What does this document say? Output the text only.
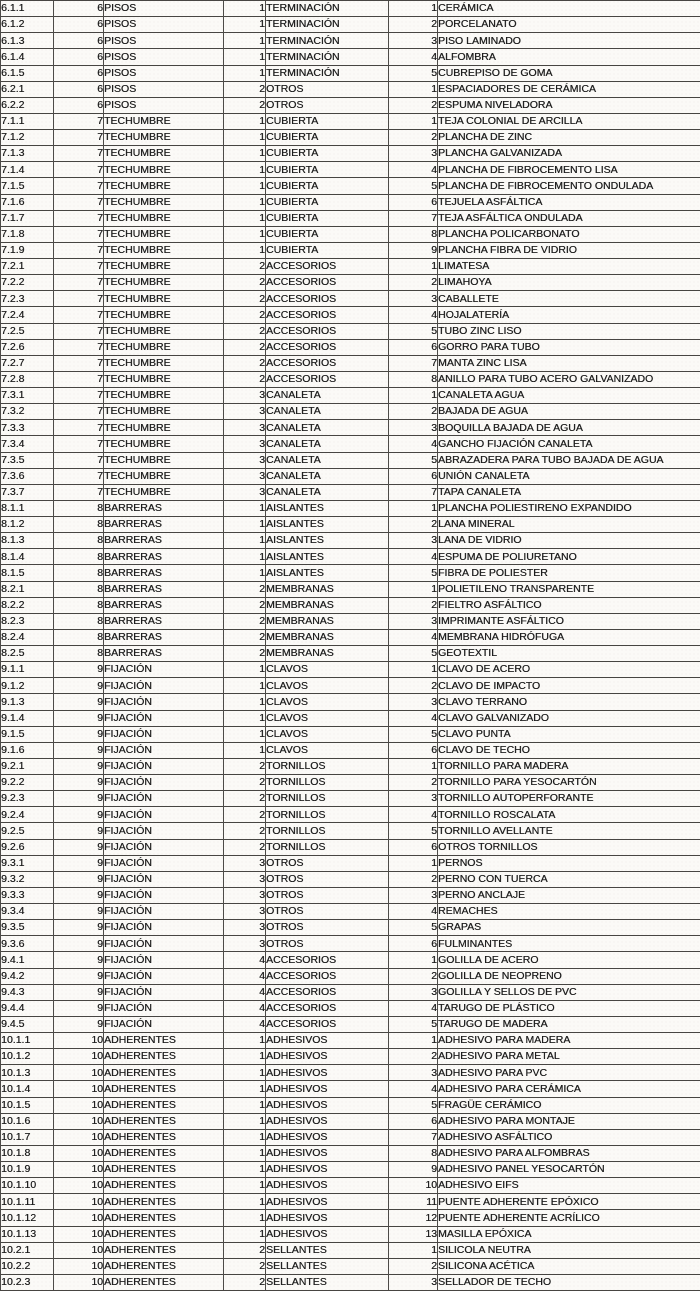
6.1.1	6	PISOS	1	TERMINACIÓN	1	CERÁMICA
6.1.2	6	PISOS	1	TERMINACIÓN	2	PORCELANATO
6.1.3	6	PISOS	1	TERMINACIÓN	3	PISO LAMINADO
6.1.4	6	PISOS	1	TERMINACIÓN	4	ALFOMBRA
6.1.5	6	PISOS	1	TERMINACIÓN	5	CUBREPISO DE GOMA
6.2.1	6	PISOS	2	OTROS	1	ESPACIADORES DE CERÁMICA
6.2.2	6	PISOS	2	OTROS	2	ESPUMA NIVELADORA
7.1.1	7	TECHUMBRE	1	CUBIERTA	1	TEJA COLONIAL DE ARCILLA
7.1.2	7	TECHUMBRE	1	CUBIERTA	2	PLANCHA DE ZINC
7.1.3	7	TECHUMBRE	1	CUBIERTA	3	PLANCHA GALVANIZADA
7.1.4	7	TECHUMBRE	1	CUBIERTA	4	PLANCHA DE FIBROCEMENTO LISA
7.1.5	7	TECHUMBRE	1	CUBIERTA	5	PLANCHA DE FIBROCEMENTO ONDULADA
7.1.6	7	TECHUMBRE	1	CUBIERTA	6	TEJUELA ASFÁLTICA
7.1.7	7	TECHUMBRE	1	CUBIERTA	7	TEJA ASFÁLTICA ONDULADA
7.1.8	7	TECHUMBRE	1	CUBIERTA	8	PLANCHA POLICARBONATO
7.1.9	7	TECHUMBRE	1	CUBIERTA	9	PLANCHA FIBRA DE VIDRIO
7.2.1	7	TECHUMBRE	2	ACCESORIOS	1	LIMATESA
7.2.2	7	TECHUMBRE	2	ACCESORIOS	2	LIMAHOYA
7.2.3	7	TECHUMBRE	2	ACCESORIOS	3	CABALLETE
7.2.4	7	TECHUMBRE	2	ACCESORIOS	4	HOJALATERÍA
7.2.5	7	TECHUMBRE	2	ACCESORIOS	5	TUBO ZINC LISO
7.2.6	7	TECHUMBRE	2	ACCESORIOS	6	GORRO PARA TUBO
7.2.7	7	TECHUMBRE	2	ACCESORIOS	7	MANTA ZINC LISA
7.2.8	7	TECHUMBRE	2	ACCESORIOS	8	ANILLO PARA TUBO ACERO GALVANIZADO
7.3.1	7	TECHUMBRE	3	CANALETA	1	CANALETA AGUA
7.3.2	7	TECHUMBRE	3	CANALETA	2	BAJADA DE AGUA
7.3.3	7	TECHUMBRE	3	CANALETA	3	BOQUILLA BAJADA DE AGUA
7.3.4	7	TECHUMBRE	3	CANALETA	4	GANCHO FIJACIÓN CANALETA
7.3.5	7	TECHUMBRE	3	CANALETA	5	ABRAZADERA PARA TUBO BAJADA DE AGUA
7.3.6	7	TECHUMBRE	3	CANALETA	6	UNIÓN CANALETA
7.3.7	7	TECHUMBRE	3	CANALETA	7	TAPA CANALETA
8.1.1	8	BARRERAS	1	AISLANTES	1	PLANCHA POLIESTIRENO EXPANDIDO
8.1.2	8	BARRERAS	1	AISLANTES	2	LANA MINERAL
8.1.3	8	BARRERAS	1	AISLANTES	3	LANA DE VIDRIO
8.1.4	8	BARRERAS	1	AISLANTES	4	ESPUMA DE POLIURETANO
8.1.5	8	BARRERAS	1	AISLANTES	5	FIBRA DE POLIESTER
8.2.1	8	BARRERAS	2	MEMBRANAS	1	POLIETILENO TRANSPARENTE
8.2.2	8	BARRERAS	2	MEMBRANAS	2	FIELTRO ASFÁLTICO
8.2.3	8	BARRERAS	2	MEMBRANAS	3	IMPRIMANTE ASFÁLTICO
8.2.4	8	BARRERAS	2	MEMBRANAS	4	MEMBRANA HIDRÓFUGA
8.2.5	8	BARRERAS	2	MEMBRANAS	5	GEOTEXTIL
9.1.1	9	FIJACIÓN	1	CLAVOS	1	CLAVO DE ACERO
9.1.2	9	FIJACIÓN	1	CLAVOS	2	CLAVO DE IMPACTO
9.1.3	9	FIJACIÓN	1	CLAVOS	3	CLAVO TERRANO
9.1.4	9	FIJACIÓN	1	CLAVOS	4	CLAVO GALVANIZADO
9.1.5	9	FIJACIÓN	1	CLAVOS	5	CLAVO PUNTA
9.1.6	9	FIJACIÓN	1	CLAVOS	6	CLAVO DE TECHO
9.2.1	9	FIJACIÓN	2	TORNILLOS	1	TORNILLO PARA MADERA
9.2.2	9	FIJACIÓN	2	TORNILLOS	2	TORNILLO PARA YESOCARTÓN
9.2.3	9	FIJACIÓN	2	TORNILLOS	3	TORNILLO AUTOPERFORANTE
9.2.4	9	FIJACIÓN	2	TORNILLOS	4	TORNILLO ROSCALATA
9.2.5	9	FIJACIÓN	2	TORNILLOS	5	TORNILLO AVELLANTE
9.2.6	9	FIJACIÓN	2	TORNILLOS	6	OTROS TORNILLOS
9.3.1	9	FIJACIÓN	3	OTROS	1	PERNOS
9.3.2	9	FIJACIÓN	3	OTROS	2	PERNO CON TUERCA
9.3.3	9	FIJACIÓN	3	OTROS	3	PERNO ANCLAJE
9.3.4	9	FIJACIÓN	3	OTROS	4	REMACHES
9.3.5	9	FIJACIÓN	3	OTROS	5	GRAPAS
9.3.6	9	FIJACIÓN	3	OTROS	6	FULMINANTES
9.4.1	9	FIJACIÓN	4	ACCESORIOS	1	GOLILLA DE ACERO
9.4.2	9	FIJACIÓN	4	ACCESORIOS	2	GOLILLA DE NEOPRENO
9.4.3	9	FIJACIÓN	4	ACCESORIOS	3	GOLILLA Y SELLOS DE PVC
9.4.4	9	FIJACIÓN	4	ACCESORIOS	4	TARUGO DE PLÁSTICO
9.4.5	9	FIJACIÓN	4	ACCESORIOS	5	TARUGO DE MADERA
10.1.1	10	ADHERENTES	1	ADHESIVOS	1	ADHESIVO PARA MADERA
10.1.2	10	ADHERENTES	1	ADHESIVOS	2	ADHESIVO PARA METAL
10.1.3	10	ADHERENTES	1	ADHESIVOS	3	ADHESIVO PARA PVC
10.1.4	10	ADHERENTES	1	ADHESIVOS	4	ADHESIVO PARA CERÁMICA
10.1.5	10	ADHERENTES	1	ADHESIVOS	5	FRAGÜE CERÁMICO
10.1.6	10	ADHERENTES	1	ADHESIVOS	6	ADHESIVO PARA MONTAJE
10.1.7	10	ADHERENTES	1	ADHESIVOS	7	ADHESIVO ASFÁLTICO
10.1.8	10	ADHERENTES	1	ADHESIVOS	8	ADHESIVO PARA ALFOMBRAS
10.1.9	10	ADHERENTES	1	ADHESIVOS	9	ADHESIVO PANEL YESOCARTÓN
10.1.10	10	ADHERENTES	1	ADHESIVOS	10	ADHESIVO EIFS
10.1.11	10	ADHERENTES	1	ADHESIVOS	11	PUENTE ADHERENTE EPÓXICO
10.1.12	10	ADHERENTES	1	ADHESIVOS	12	PUENTE ADHERENTE ACRÍLICO
10.1.13	10	ADHERENTES	1	ADHESIVOS	13	MASILLA EPÓXICA
10.2.1	10	ADHERENTES	2	SELLANTES	1	SILICOLA NEUTRA
10.2.2	10	ADHERENTES	2	SELLANTES	2	SILICONA ACÉTICA
10.2.3	10	ADHERENTES	2	SELLANTES	3	SELLADOR DE TECHO
